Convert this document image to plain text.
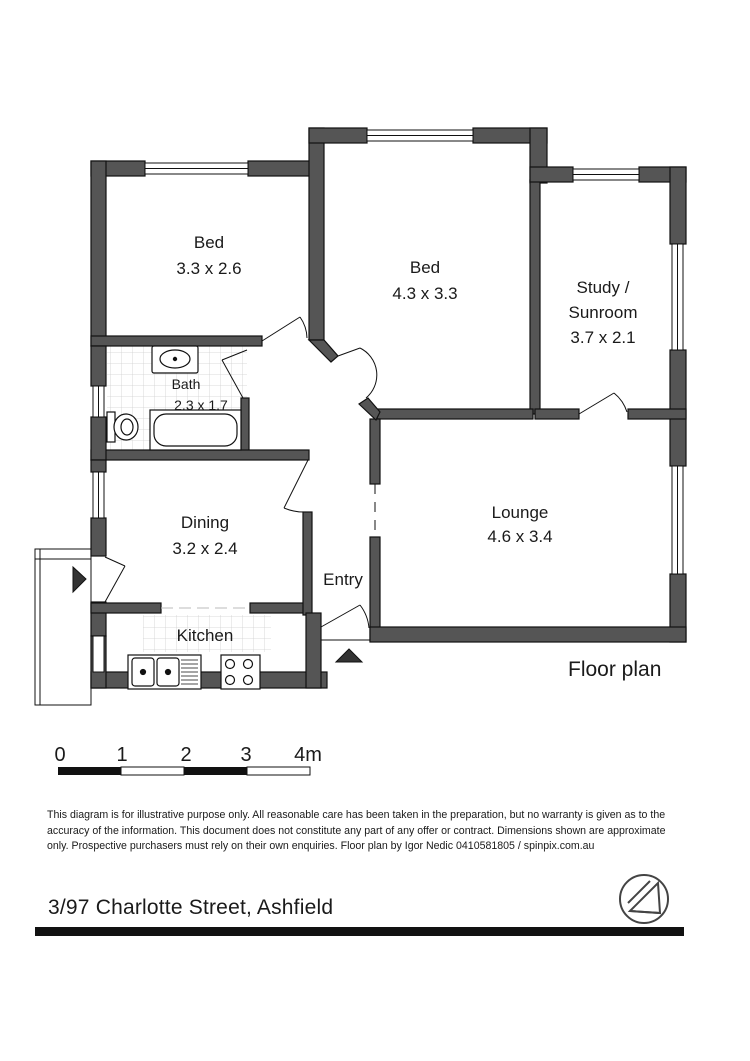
Bed
3.3 x 2.6	Bed
4.3 x 3.3	Study /
Sunroom
3.7 x 2.1
Bath
2.3 x 1.7
Dining
3.2 x 2.4
Lounge
4.6 x 3.4
Kitchen
Entry
0	1	2 3 4m
Floor plan
This diagram is for illustrative purpose only. All reasonable care has been taken in the preparation, but no warranty is given as to the accuracy of the information. This document does not constitute any part of any offer or contract. Dimensions shown are approximate only. Prospective purchasers must rely on their own enquiries. Floor plan by Igor Nedic 0410581805 / spinpix.com.au
3/97 Charlotte Street, Ashfield
